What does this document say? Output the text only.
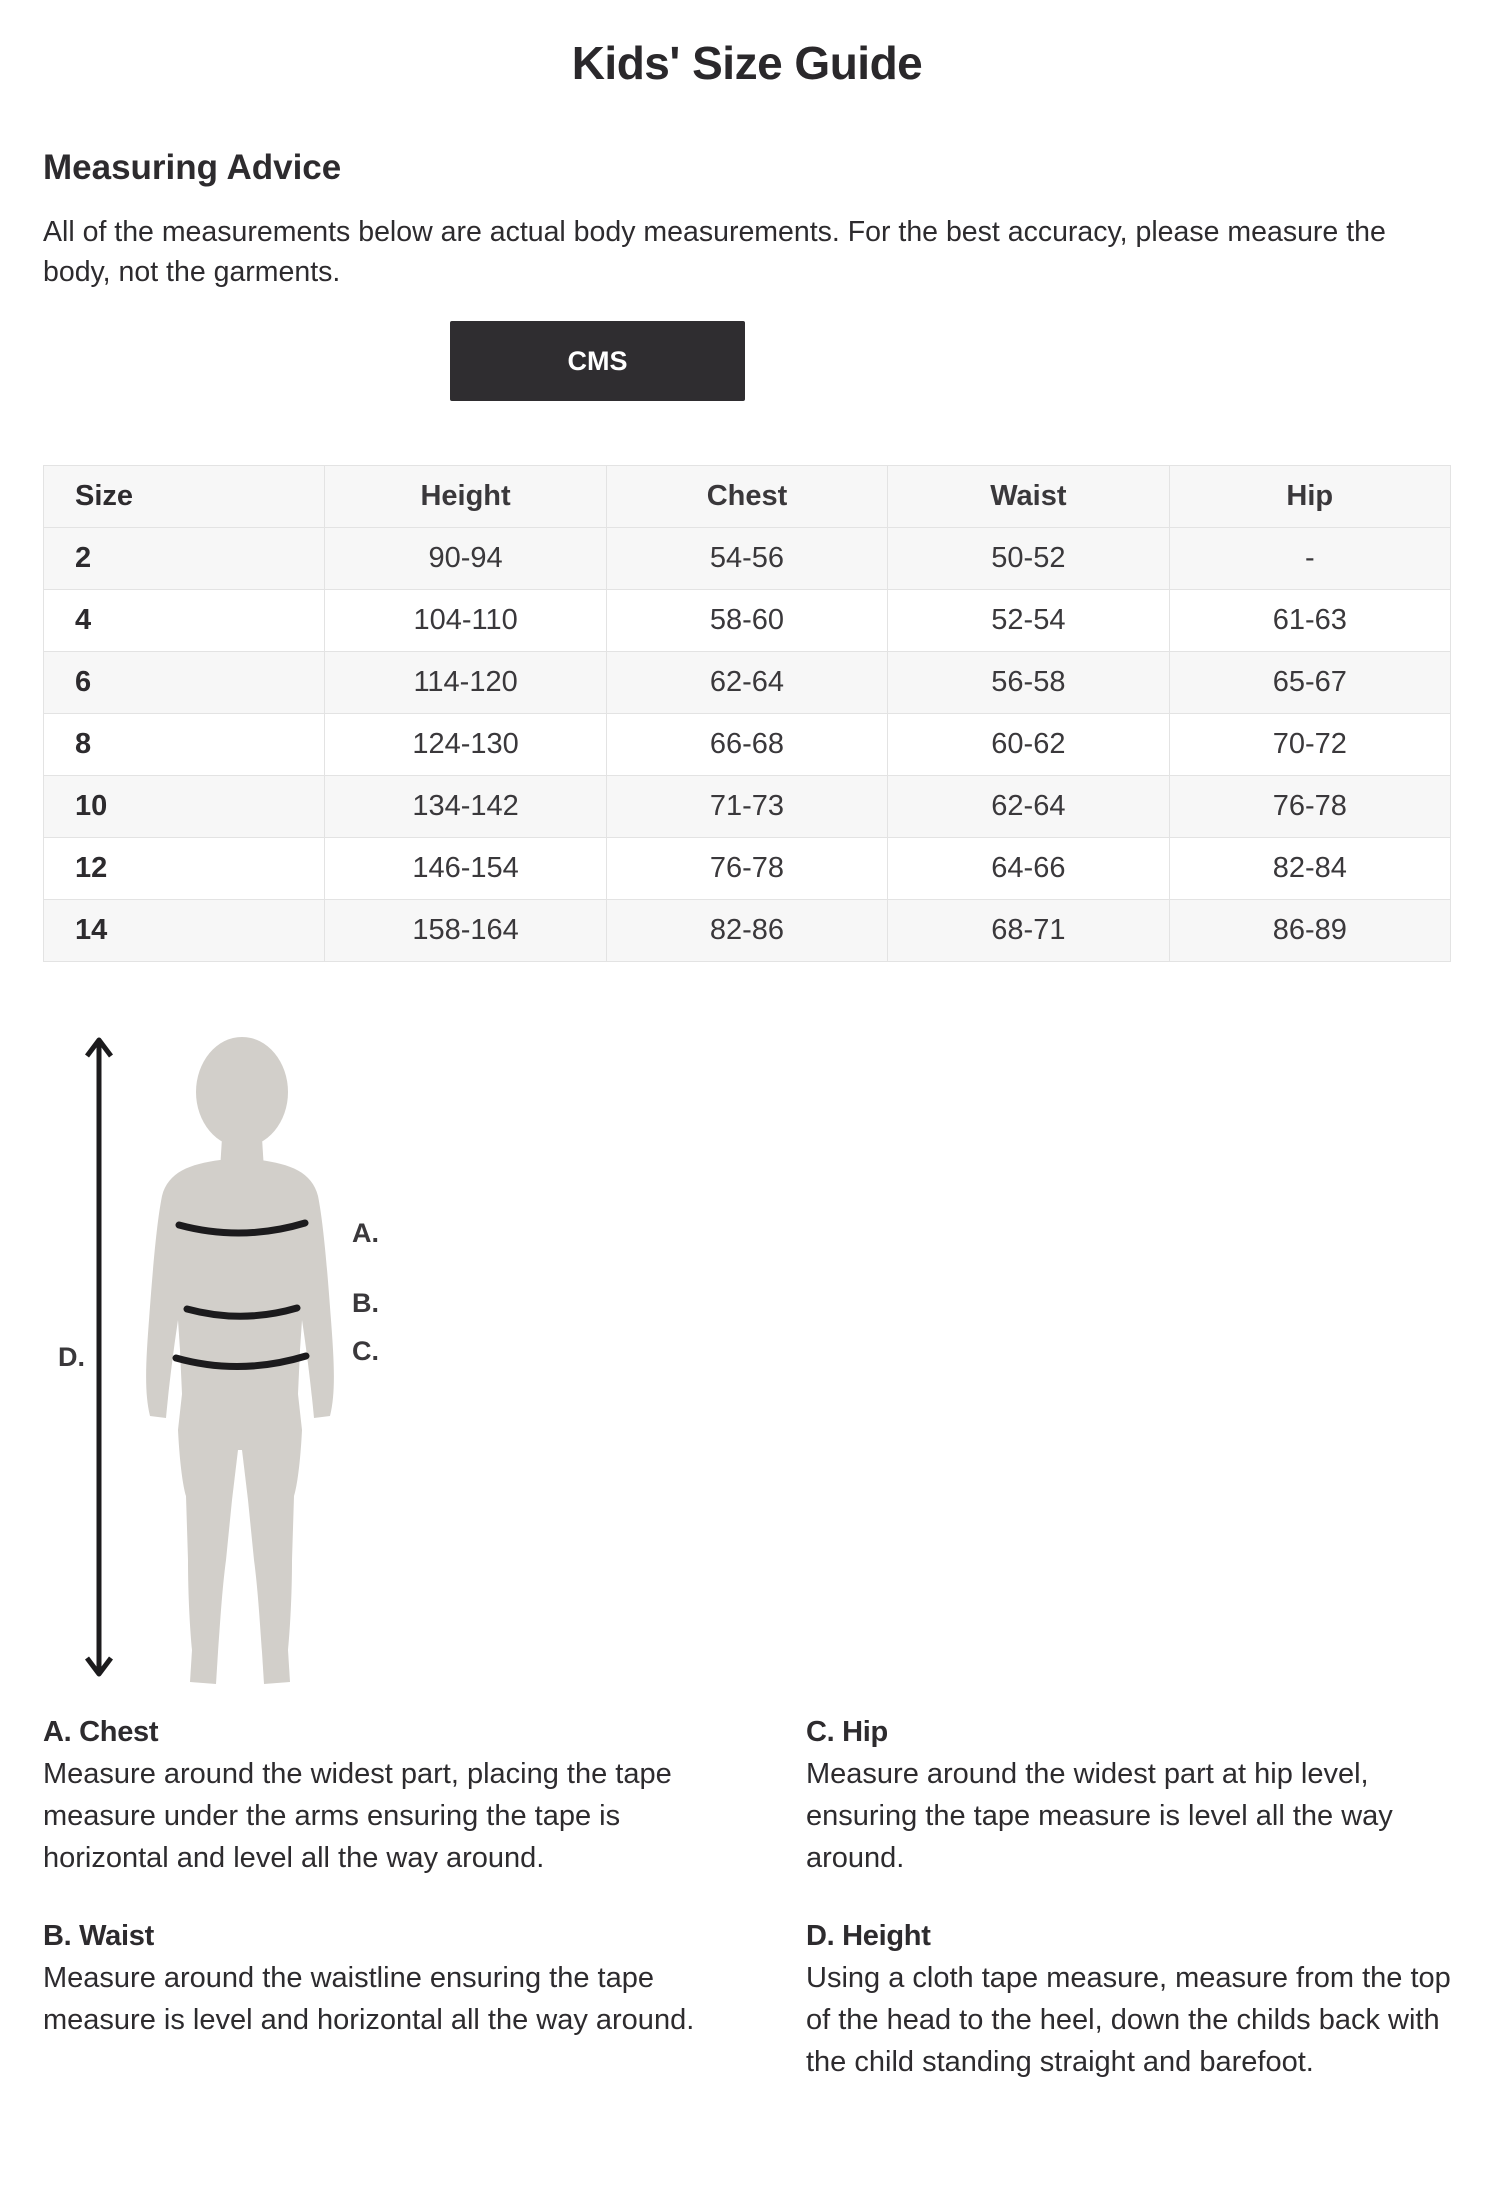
Kids' Size Guide
Measuring Advice
All of the measurements below are actual body measurements. For the best accuracy, please measure the body, not the garments.
CMS
Size	Height	Chest	Waist	Hip
2	90-94	54-56	50-52	-
4	104-110	58-60	52-54	61-63
6	114-120	62-64	56-58	65-67
8	124-130	66-68	60-62	70-72
10	134-142	71-73	62-64	76-78
12	146-154	76-78	64-66	82-84
14	158-164	82-86	68-71	86-89
A.
B.
C.
D.
A. Chest
Measure around the widest part, placing the tape measure under the arms ensuring the tape is horizontal and level all the way around.
C. Hip
Measure around the widest part at hip level, ensuring the tape measure is level all the way around.
B. Waist
Measure around the waistline ensuring the tape measure is level and horizontal all the way around.
D. Height
Using a cloth tape measure, measure from the top of the head to the heel, down the childs back with the child standing straight and barefoot.
